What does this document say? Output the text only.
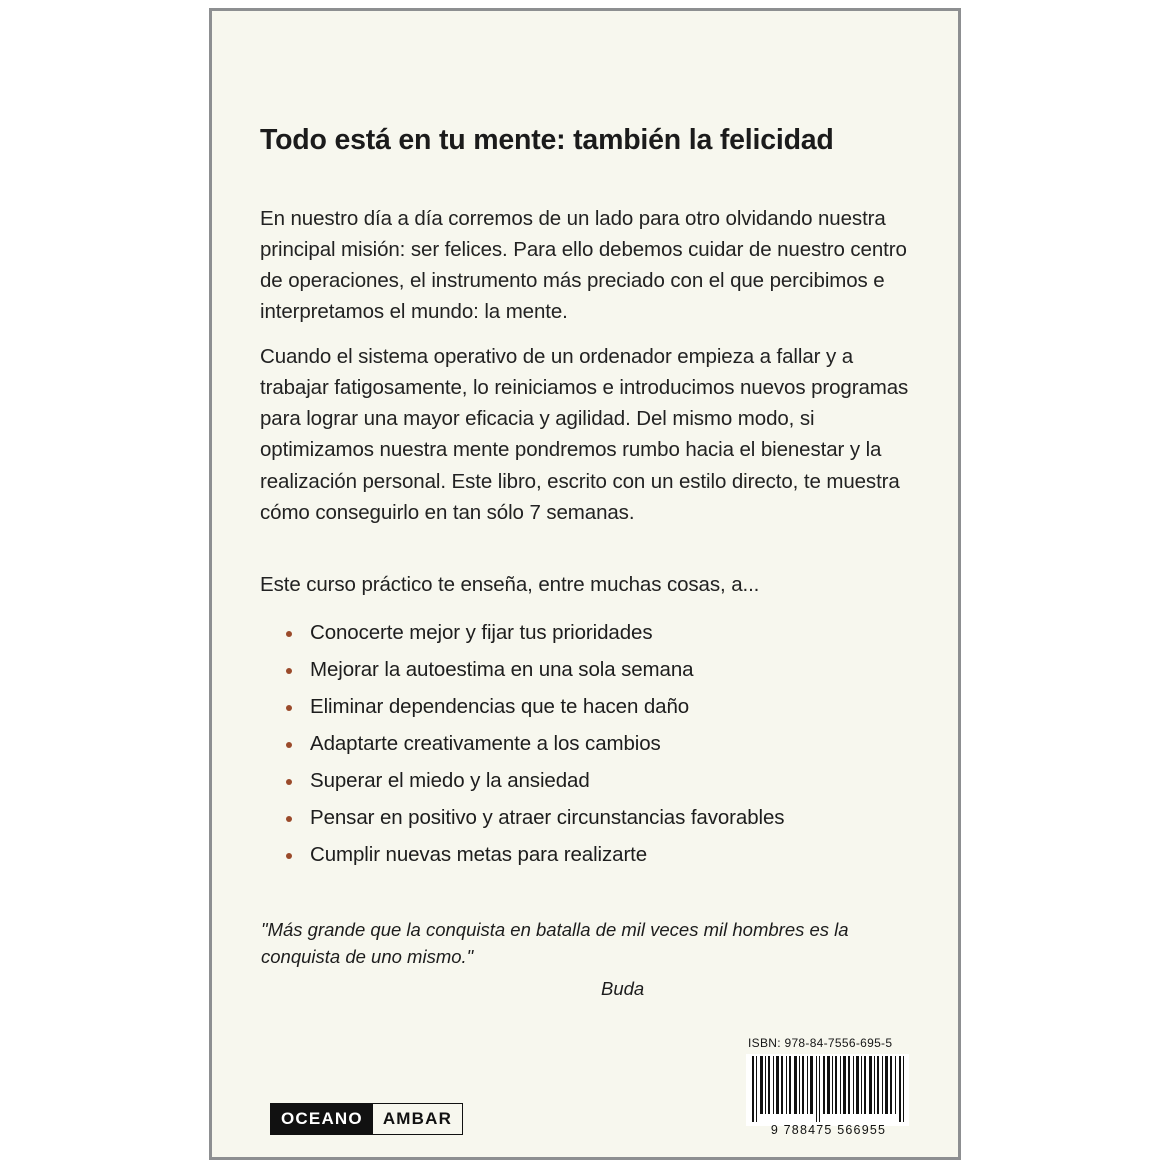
Todo está en tu mente: también la felicidad
En nuestro día a día corremos de un lado para otro olvidando nuestra principal misión: ser felices. Para ello debemos cuidar de nuestro centro de operaciones, el instrumento más preciado con el que percibimos e interpretamos el mundo: la mente.
Cuando el sistema operativo de un ordenador empieza a fallar y a trabajar fatigosamente, lo reiniciamos e introducimos nuevos programas para lograr una mayor eficacia y agilidad. Del mismo modo, si optimizamos nuestra mente pondremos rumbo hacia el bienestar y la realización personal. Este libro, escrito con un estilo directo, te muestra cómo conseguirlo en tan sólo 7 semanas.
Este curso práctico te enseña, entre muchas cosas, a...
Conocerte mejor y fijar tus prioridades
Mejorar la autoestima en una sola semana
Eliminar dependencias que te hacen daño
Adaptarte creativamente a los cambios
Superar el miedo y la ansiedad
Pensar en positivo y atraer circunstancias favorables
Cumplir nuevas metas para realizarte
"Más grande que la conquista en batalla de mil veces mil hombres es la conquista de uno mismo."
Buda
ISBN: 978-84-7556-695-5
9 788475 566955
OCEANO	AMBAR
